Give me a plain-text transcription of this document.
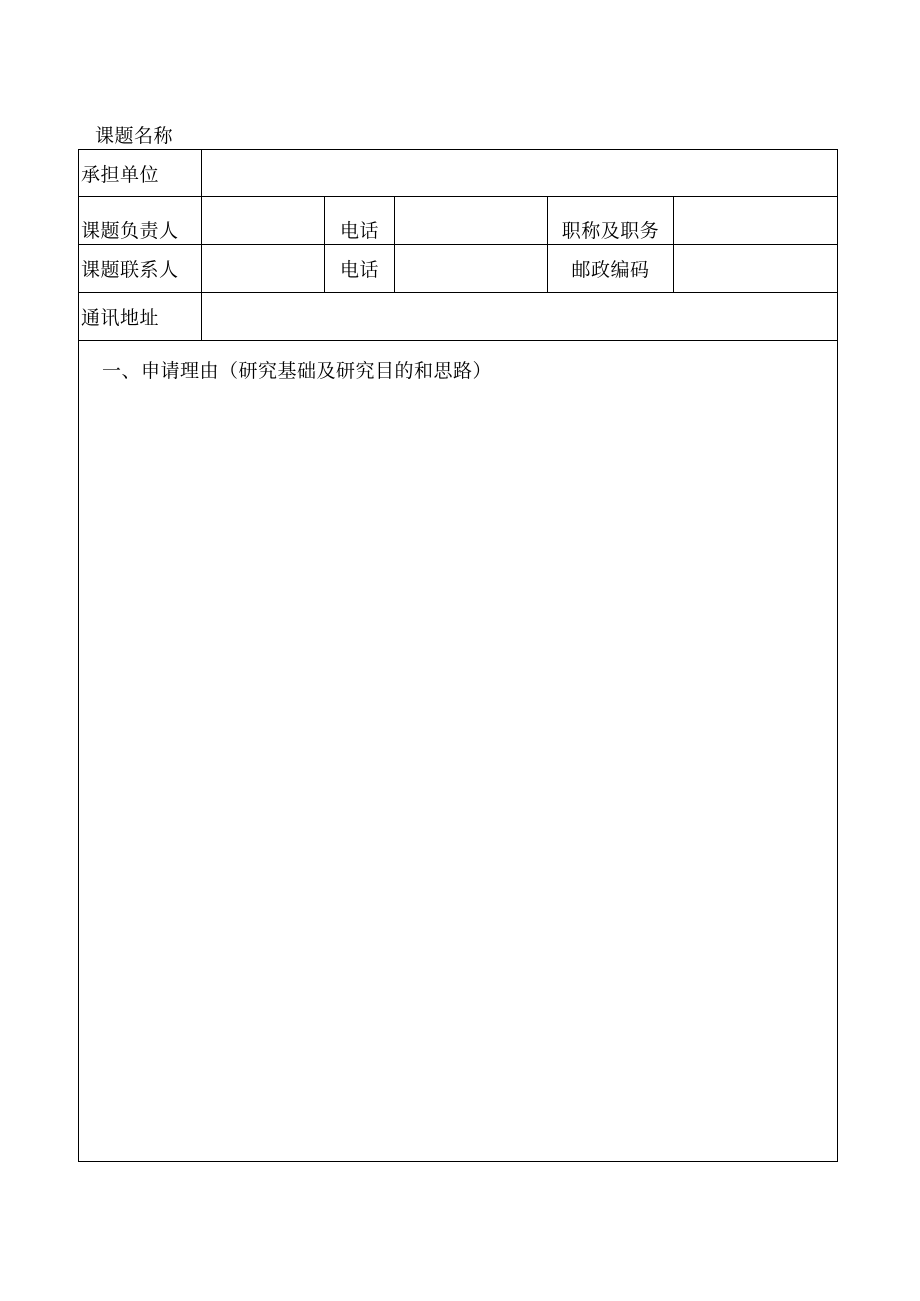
课题名称
承担单位					
课题负责人		电话		职称及职务	
课题联系人		电话		邮政编码	
通讯地址					

一、申请理由（研究基础及研究目的和思路）					
